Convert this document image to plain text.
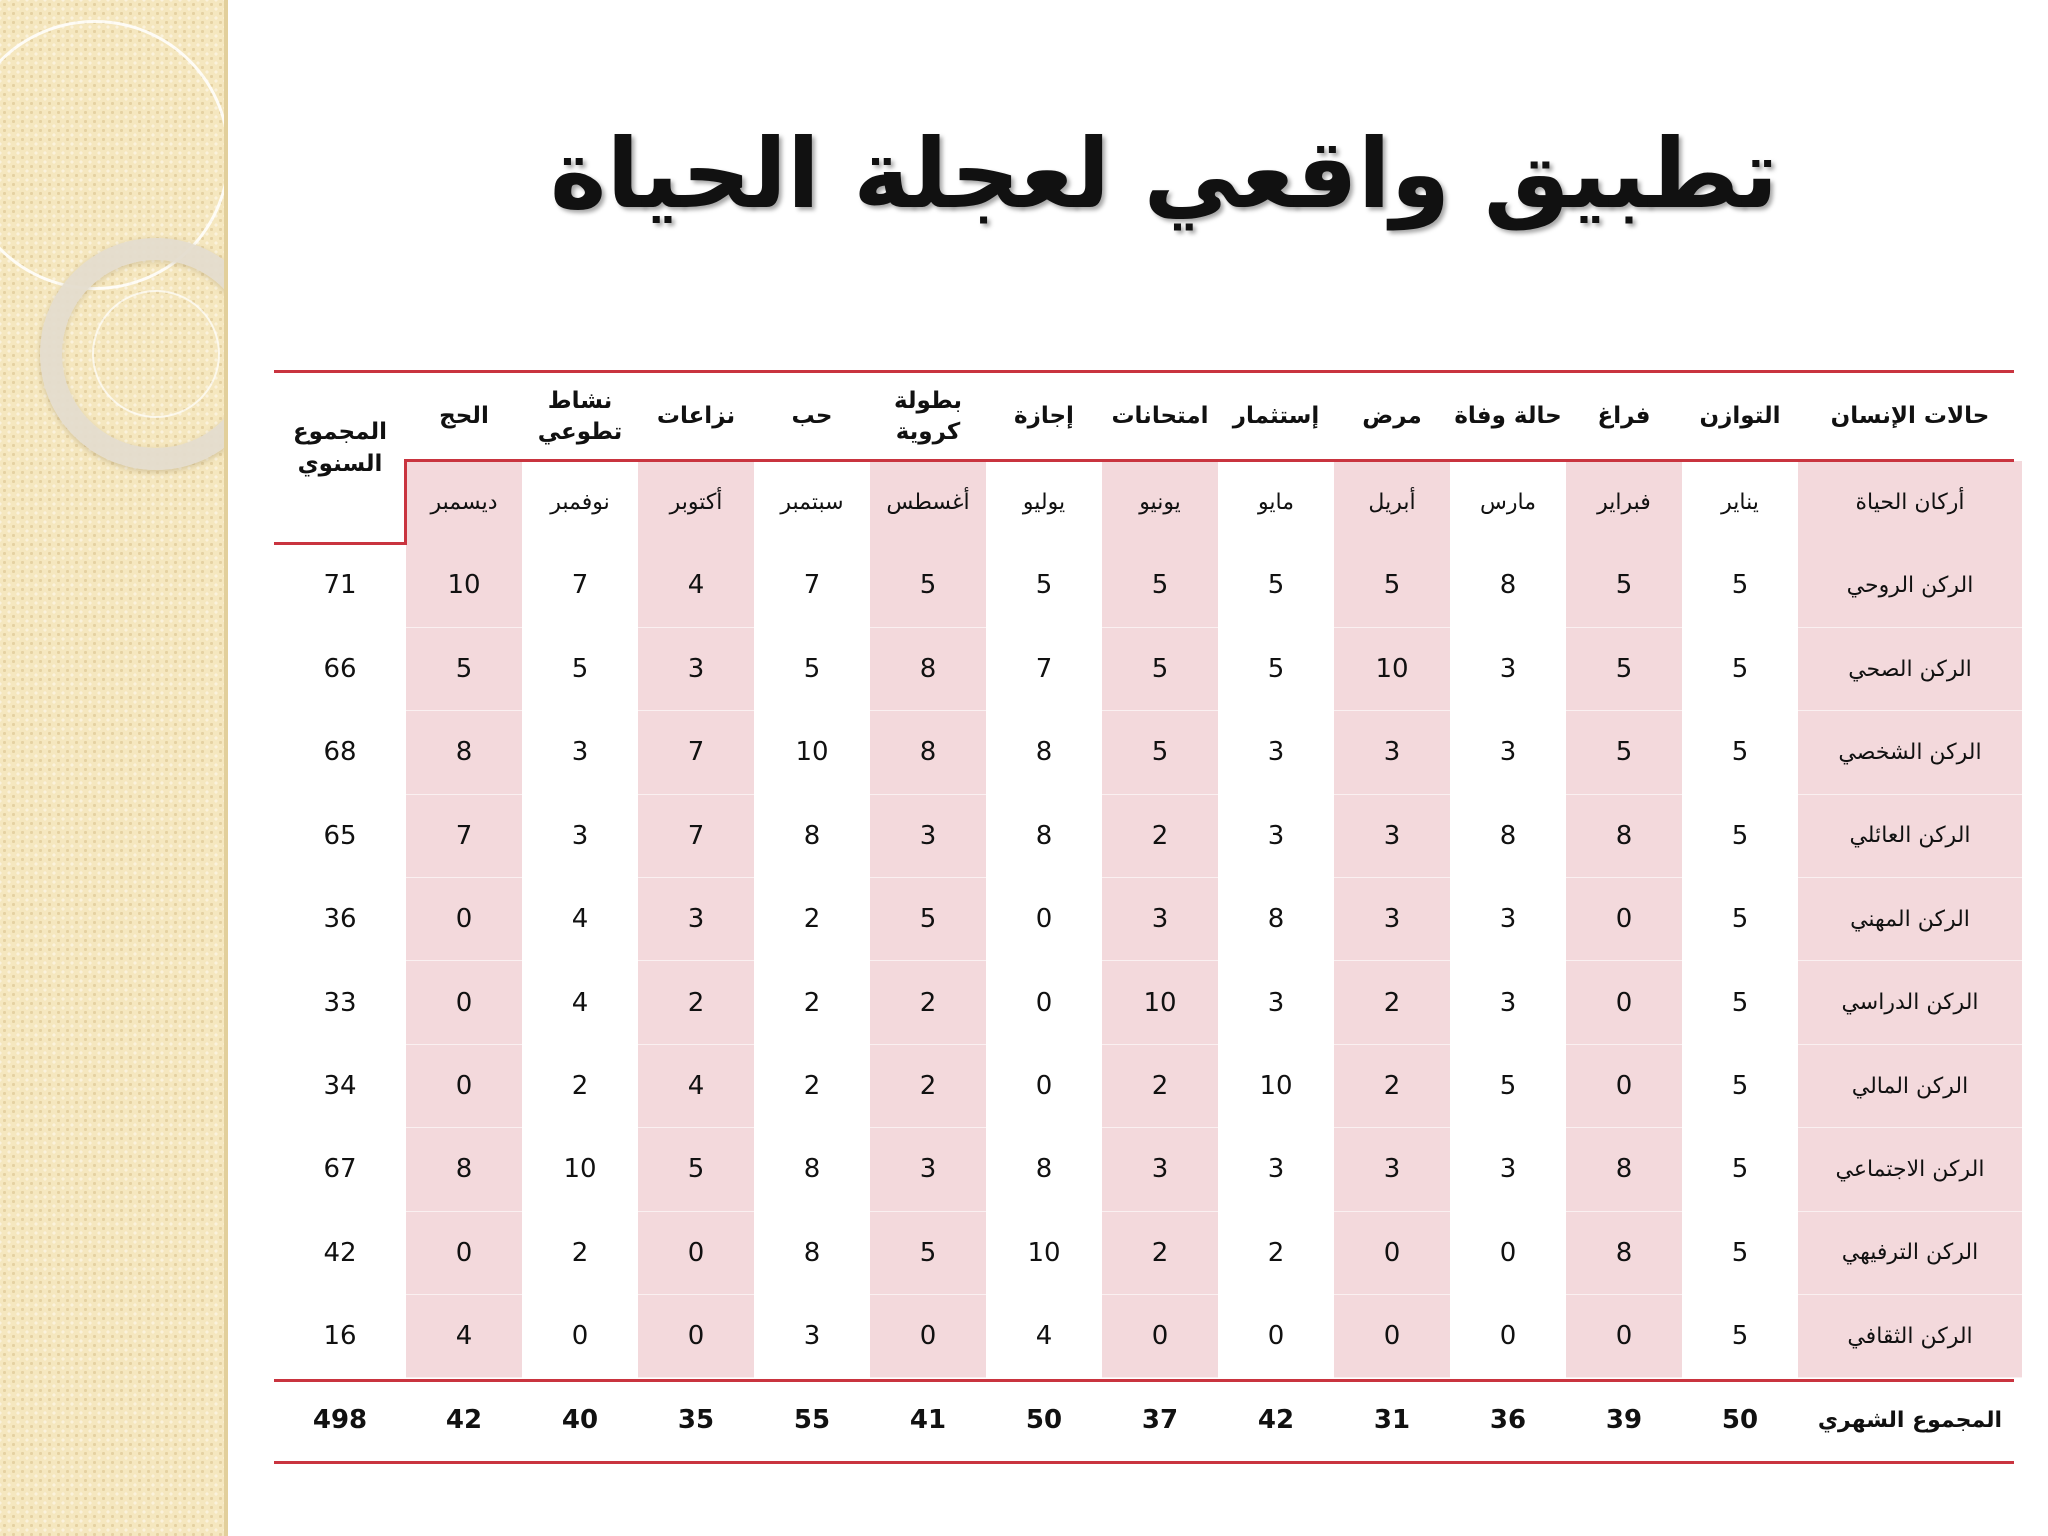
تطبيق واقعي لعجلة الحياة
حالات الإنسان	التوازن	فراغ	حالة وفاة	مرض	إستثمار	امتحانات	إجازة	بطولة كروية	حب	نزاعات	نشاط تطوعي	الحج	المجموع السنوي
أركان الحياة	يناير	فبراير	مارس	أبريل	مايو	يونيو	يوليو	أغسطس	سبتمبر	أكتوبر	نوفمبر	ديسمبر	
الركن الروحي	5	5	8	5	5	5	5	5	7	4	7	10	71
الركن الصحي	5	5	3	10	5	5	7	8	5	3	5	5	66
الركن الشخصي	5	5	3	3	3	5	8	8	10	7	3	8	68
الركن العائلي	5	8	8	3	3	2	8	3	8	7	3	7	65
الركن المهني	5	0	3	3	8	3	0	5	2	3	4	0	36
الركن الدراسي	5	0	3	2	3	10	0	2	2	2	4	0	33
الركن المالي	5	0	5	2	10	2	0	2	2	4	2	0	34
الركن الاجتماعي	5	8	3	3	3	3	8	3	8	5	10	8	67
الركن الترفيهي	5	8	0	0	2	2	10	5	8	0	2	0	42
الركن الثقافي	5	0	0	0	0	0	4	0	3	0	0	4	16
المجموع الشهري	50	39	36	31	42	37	50	41	55	35	40	42	498
